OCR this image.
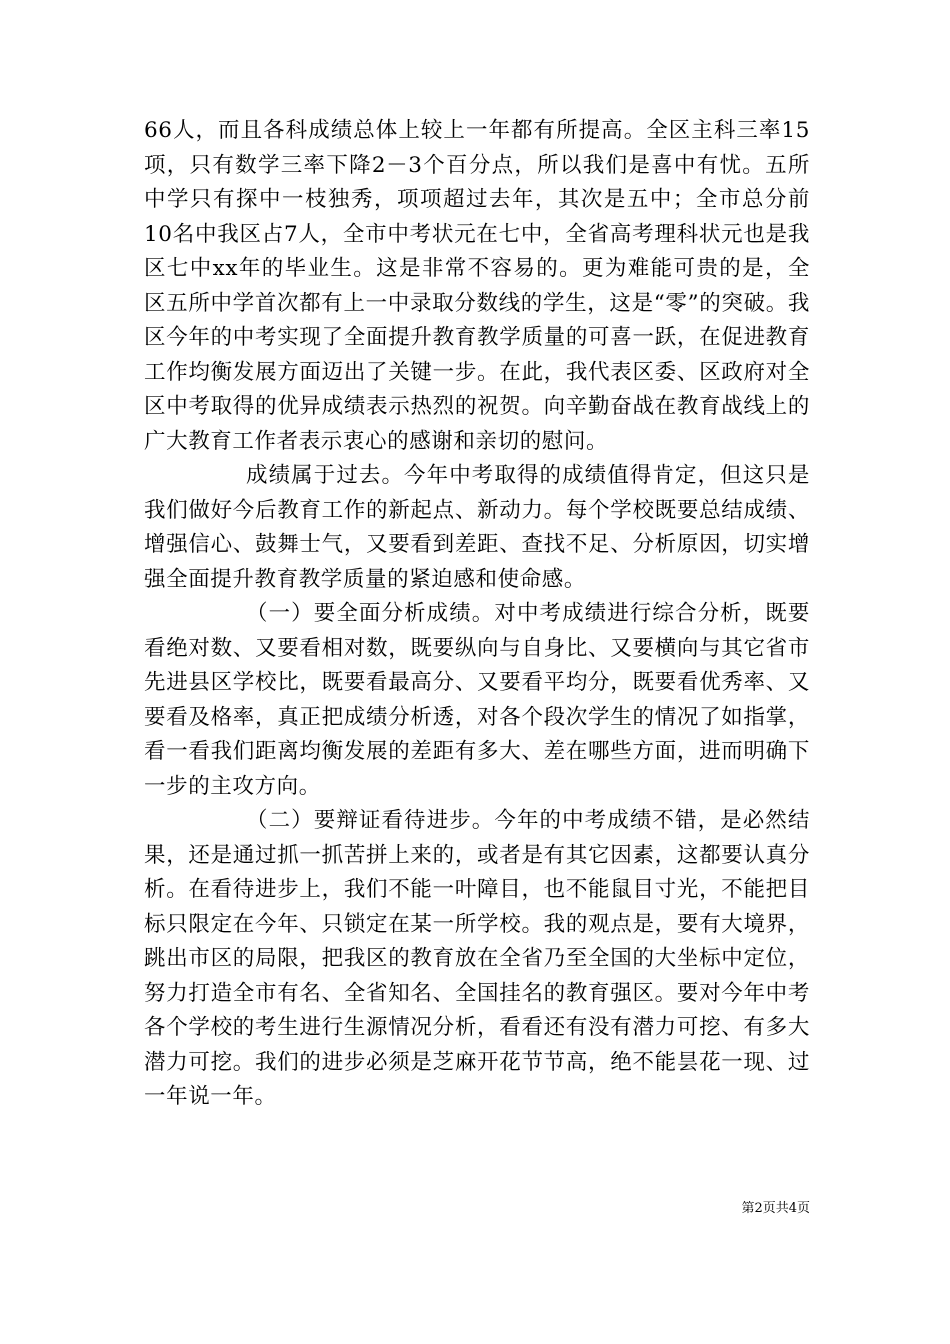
66人，而且各科成绩总体上较上一年都有所提高。全区主科三率15项，只有数学三率下降2－3个百分点，所以我们是喜中有忧。五所中学只有探中一枝独秀，项项超过去年，其次是五中；全市总分前10名中我区占7人，全市中考状元在七中，全省高考理科状元也是我区七中xx年的毕业生。这是非常不容易的。更为难能可贵的是，全区五所中学首次都有上一中录取分数线的学生，这是“零”的突破。我区今年的中考实现了全面提升教育教学质量的可喜一跃，在促进教育工作均衡发展方面迈出了关键一步。在此，我代表区委、区政府对全区中考取得的优异成绩表示热烈的祝贺。向辛勤奋战在教育战线上的广大教育工作者表示衷心的感谢和亲切的慰问。

成绩属于过去。今年中考取得的成绩值得肯定，但这只是我们做好今后教育工作的新起点、新动力。每个学校既要总结成绩、增强信心、鼓舞士气，又要看到差距、查找不足、分析原因，切实增强全面提升教育教学质量的紧迫感和使命感。

（一）要全面分析成绩。对中考成绩进行综合分析，既要看绝对数、又要看相对数，既要纵向与自身比、又要横向与其它省市先进县区学校比，既要看最高分、又要看平均分，既要看优秀率、又要看及格率，真正把成绩分析透，对各个段次学生的情况了如指掌，看一看我们距离均衡发展的差距有多大、差在哪些方面，进而明确下一步的主攻方向。

（二）要辩证看待进步。今年的中考成绩不错，是必然结果，还是通过抓一抓苦拼上来的，或者是有其它因素，这都要认真分析。在看待进步上，我们不能一叶障目，也不能鼠目寸光，不能把目标只限定在今年、只锁定在某一所学校。我的观点是，要有大境界，跳出市区的局限，把我区的教育放在全省乃至全国的大坐标中定位，努力打造全市有名、全省知名、全国挂名的教育强区。要对今年中考各个学校的考生进行生源情况分析，看看还有没有潜力可挖、有多大潜力可挖。我们的进步必须是芝麻开花节节高，绝不能昙花一现、过一年说一年。

第2页共4页
